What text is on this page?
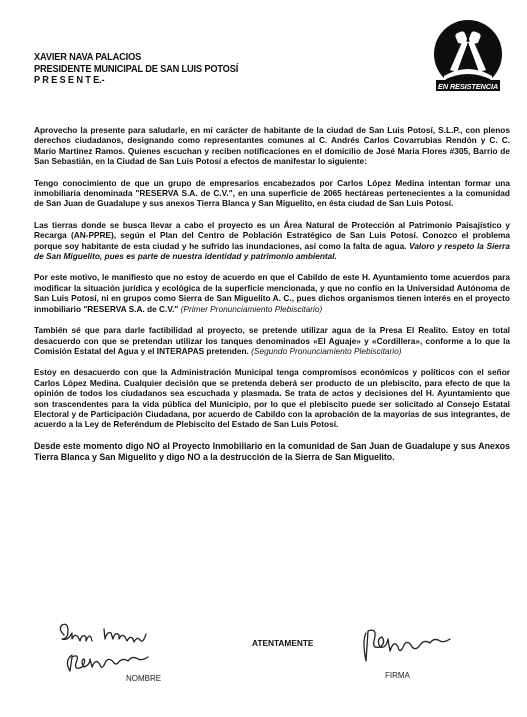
XAVIER NAVA PALACIOS
PRESIDENTE MUNICIPAL DE SAN LUIS POTOSÍ
P R E S E N T E.-
EN RESISTENCIA

Aprovecho la presente para saludarle, en mi carácter de habitante de la ciudad de San Luis Potosí, S.L.P., con plenos derechos ciudadanos, designando como representantes comunes al C. Andrés Carlos Covarrubias Rendón y C. C. Mario Martínez Ramos. Quienes escuchan y reciben notificaciones en el domicilio de José María Flores #305, Barrio de San Sebastián, en la Ciudad de San Luis Potosí a efectos de manifestar lo siguiente:

Tengo conocimiento de que un grupo de empresarios encabezados por Carlos López Medina intentan formar una inmobiliaria denominada "RESERVA S.A. de C.V.", en una superficie de 2065 hectáreas pertenecientes a la comunidad de San Juan de Guadalupe y sus anexos Tierra Blanca y San Miguelito, en ésta ciudad de San Luis Potosí.

Las tierras donde se busca llevar a cabo el proyecto es un Área Natural de Protección al Patrimonio Paisajístico y Recarga (AN-PPRE), según el Plan del Centro de Población Estratégico de San Luis Potosí. Conozco el problema porque soy habitante de esta ciudad y he sufrido las inundaciones, así como la falta de agua. Valoro y respeto la Sierra de San Miguelito, pues es parte de nuestra identidad y patrimonio ambiental.

Por este motivo, le manifiesto que no estoy de acuerdo en que el Cabildo de este H. Ayuntamiento tome acuerdos para modificar la situación jurídica y ecológica de la superficie mencionada, y que no confío en la Universidad Autónoma de San Luis Potosí, ni en grupos como Sierra de San Miguelito A. C., pues dichos organismos tienen interés en el proyecto inmobiliario "RESERVA S.A. de C.V." (Primer Pronunciamiento Plebiscitario)

También sé que para darle factibilidad al proyecto, se pretende utilizar agua de la Presa El Realito. Estoy en total desacuerdo con que se pretendan utilizar los tanques denominados «El Aguaje» y «Cordillera», conforme a lo que la Comisión Estatal del Agua y el INTERAPAS pretenden. (Segundo Pronunciamiento Plebiscitario)

Estoy en desacuerdo con que la Administración Municipal tenga compromisos económicos y políticos con el señor Carlos López Medina. Cualquier decisión que se pretenda deberá ser producto de un plebiscito, para efecto de que la opinión de todos los ciudadanos sea escuchada y plasmada. Se trata de actos y decisiones del H. Ayuntamiento que son trascendentes para la vida pública del Municipio, por lo que el plebiscito puede ser solicitado al Consejo Estatal Electoral y de Participación Ciudadana, por acuerdo de Cabildo con la aprobación de la mayorías de sus integrantes, de acuerdo a la Ley de Referéndum de Plebiscito del Estado de San Luis Potosí.

Desde este momento digo NO al Proyecto Inmobiliario en la comunidad de San Juan de Guadalupe y sus Anexos Tierra Blanca y San Miguelito y digo NO a la destrucción de la Sierra de San Miguelito.

NOMBRE
ATENTAMENTE
FIRMA
